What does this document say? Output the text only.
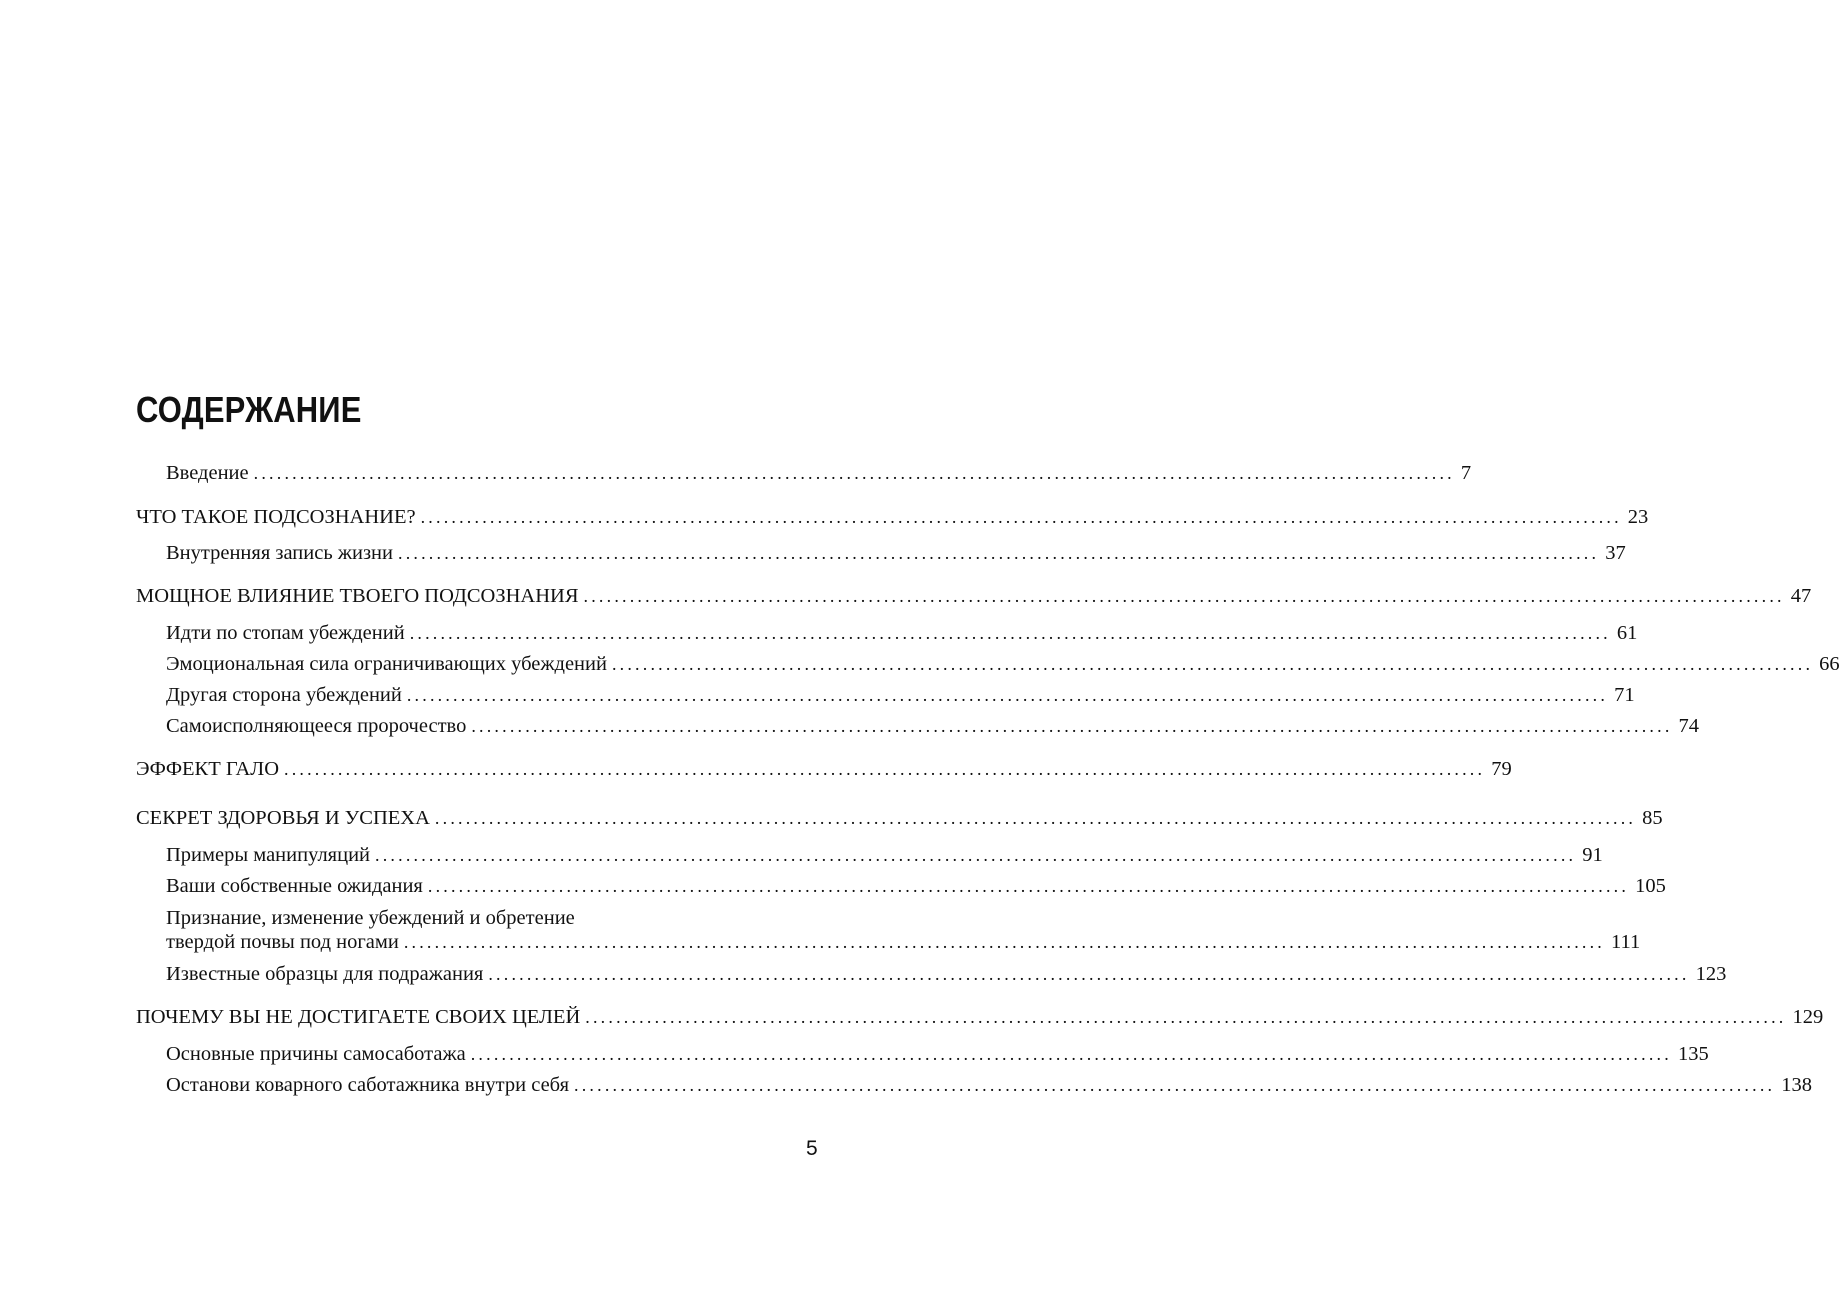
СОДЕРЖАНИЕ
Введение ............................................................................................................................................................ 7
ЧТО ТАКОЕ ПОДСОЗНАНИЕ? ............................................................................................................................................................ 23
Внутренняя запись жизни ............................................................................................................................................................ 37
МОЩНОЕ ВЛИЯНИЕ ТВОЕГО ПОДСОЗНАНИЯ ............................................................................................................................................................ 47
Идти по стопам убеждений ............................................................................................................................................................ 61
Эмоциональная сила ограничивающих убеждений ............................................................................................................................................................ 66
Другая сторона убеждений ............................................................................................................................................................ 71
Самоисполняющееся пророчество ............................................................................................................................................................ 74
ЭФФЕКТ ГАЛО ............................................................................................................................................................ 79
СЕКРЕТ ЗДОРОВЬЯ И УСПЕХА ............................................................................................................................................................ 85
Примеры манипуляций ............................................................................................................................................................ 91
Ваши собственные ожидания ............................................................................................................................................................ 105
Признание, изменение убеждений и обретение
твердой почвы под ногами ............................................................................................................................................................ 111
Известные образцы для подражания ............................................................................................................................................................ 123
ПОЧЕМУ ВЫ НЕ ДОСТИГАЕТЕ СВОИХ ЦЕЛЕЙ ............................................................................................................................................................ 129
Основные причины самосаботажа ............................................................................................................................................................ 135
Останови коварного саботажника внутри себя ............................................................................................................................................................ 138
5
